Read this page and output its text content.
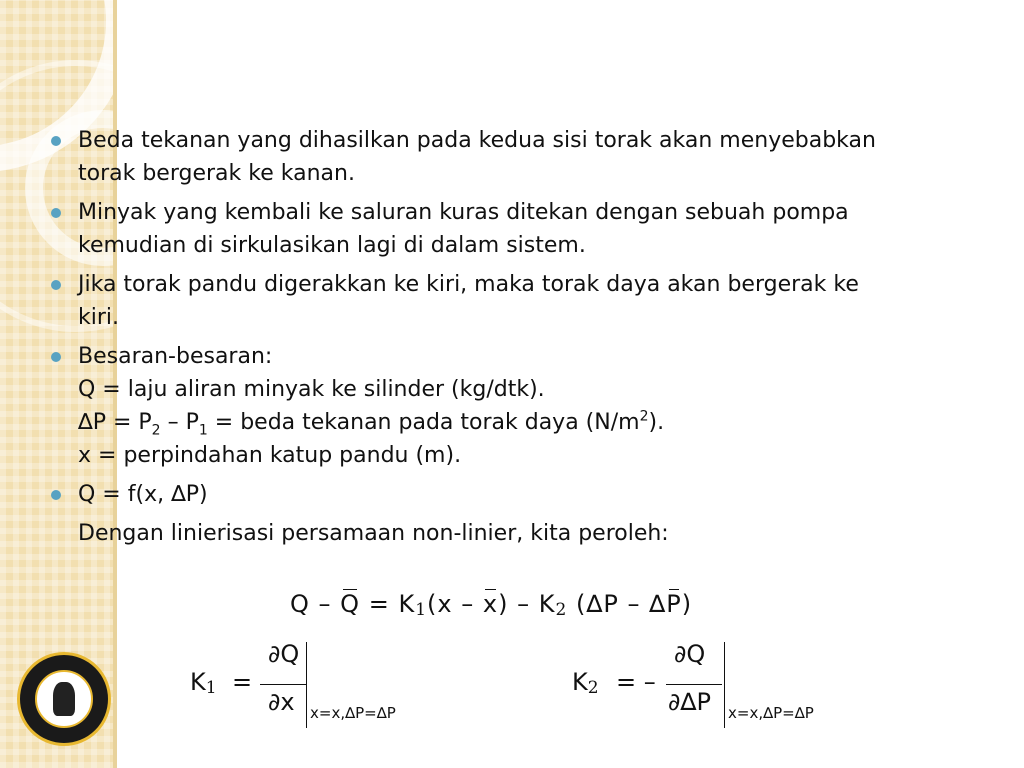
Beda tekanan yang dihasilkan pada kedua sisi torak akan menyebabkan
torak bergerak ke kanan.
Minyak yang kembali ke saluran kuras ditekan dengan sebuah pompa
kemudian di sirkulasikan lagi di dalam sistem.
Jika torak pandu digerakkan ke kiri, maka torak daya akan bergerak ke
kiri.
Besaran-besaran:
Q = laju aliran minyak ke silinder (kg/dtk).
$\Delta P = P_2 - P_1$ = beda tekanan pada torak daya $(N/m^2)$.
x = perpindahan katup pandu (m).
Q = f(x, ∆P)
Dengan linierisasi persamaan non-linier, kita peroleh:
Q – Q = K1(x – x) – K2 (∆P – ∆P)
K1 =
∂Q
∂x x=x,∆P=∆P
K2 = –
∂Q
∂∆P x=x,∆P=∆P
